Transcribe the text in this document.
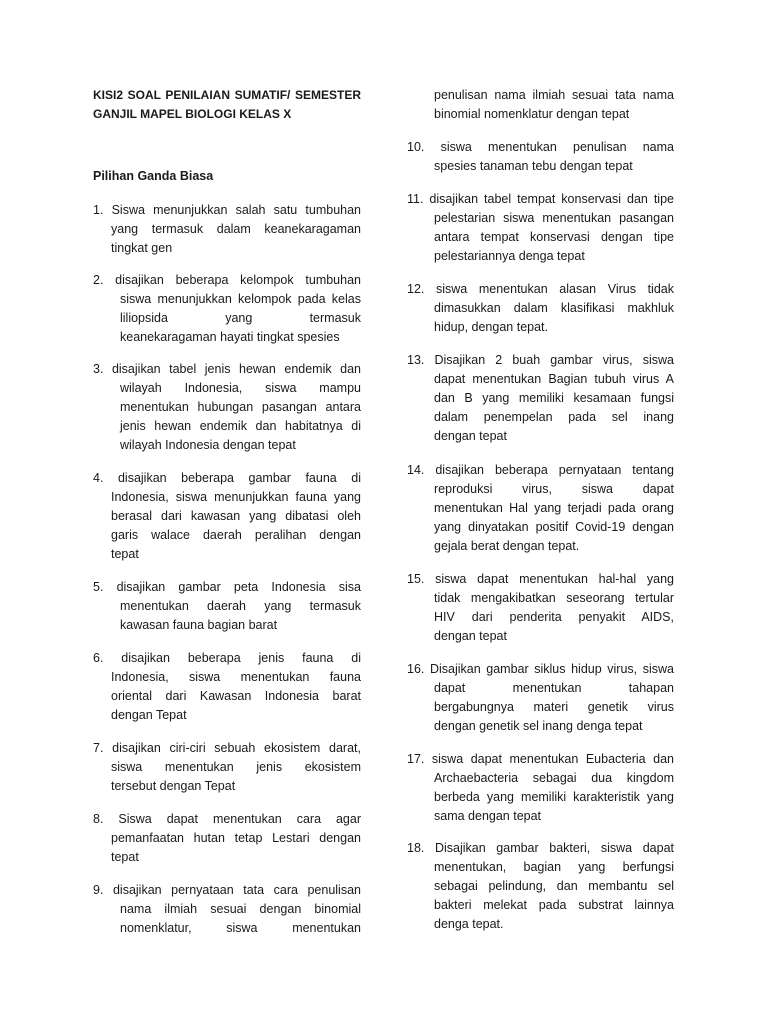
KISI2 SOAL PENILAIAN SUMATIF/ SEMESTER
GANJIL MAPEL BIOLOGI KELAS X
Pilihan Ganda Biasa
1. Siswa menunjukkan salah satu tumbuhan
yang termasuk dalam keanekaragaman
tingkat gen
2. disajikan beberapa kelompok tumbuhan
siswa menunjukkan kelompok pada kelas
liliopsida yang termasuk
keanekaragaman hayati tingkat spesies
3. disajikan tabel jenis hewan endemik dan
wilayah Indonesia, siswa mampu
menentukan hubungan pasangan antara
jenis hewan endemik dan habitatnya di
wilayah Indonesia dengan tepat
4. disajikan beberapa gambar fauna di
Indonesia, siswa menunjukkan fauna yang
berasal dari kawasan yang dibatasi oleh
garis walace daerah peralihan dengan
tepat
5. disajikan gambar peta Indonesia sisa
menentukan daerah yang termasuk
kawasan fauna bagian barat
6. disajikan beberapa jenis fauna di
Indonesia, siswa menentukan fauna
oriental dari Kawasan Indonesia barat
dengan Tepat
7. disajikan ciri-ciri sebuah ekosistem darat,
siswa menentukan jenis ekosistem
tersebut dengan Tepat
8. Siswa dapat menentukan cara agar
pemanfaatan hutan tetap Lestari dengan
tepat
9. disajikan pernyataan tata cara penulisan
nama ilmiah sesuai dengan binomial
nomenklatur, siswa menentukan
penulisan nama ilmiah sesuai tata nama
binomial nomenklatur dengan tepat
10. siswa menentukan penulisan nama
spesies tanaman tebu dengan tepat
11. disajikan tabel tempat konservasi dan tipe
pelestarian siswa menentukan pasangan
antara tempat konservasi dengan tipe
pelestariannya denga tepat
12. siswa menentukan alasan Virus tidak
dimasukkan dalam klasifikasi makhluk
hidup, dengan tepat.
13. Disajikan 2 buah gambar virus, siswa
dapat menentukan Bagian tubuh virus A
dan B yang memiliki kesamaan fungsi
dalam penempelan pada sel inang
dengan tepat
14. disajikan beberapa pernyataan tentang
reproduksi virus, siswa dapat
menentukan Hal yang terjadi pada orang
yang dinyatakan positif Covid-19 dengan
gejala berat dengan tepat.
15. siswa dapat menentukan hal-hal yang
tidak mengakibatkan seseorang tertular
HIV dari penderita penyakit AIDS,
dengan tepat
16. Disajikan gambar siklus hidup virus, siswa
dapat menentukan tahapan
bergabungnya materi genetik virus
dengan genetik sel inang denga tepat
17. siswa dapat menentukan Eubacteria dan
Archaebacteria sebagai dua kingdom
berbeda yang memiliki karakteristik yang
sama dengan tepat
18. Disajikan gambar bakteri, siswa dapat
menentukan, bagian yang berfungsi
sebagai pelindung, dan membantu sel
bakteri melekat pada substrat lainnya
denga tepat.
